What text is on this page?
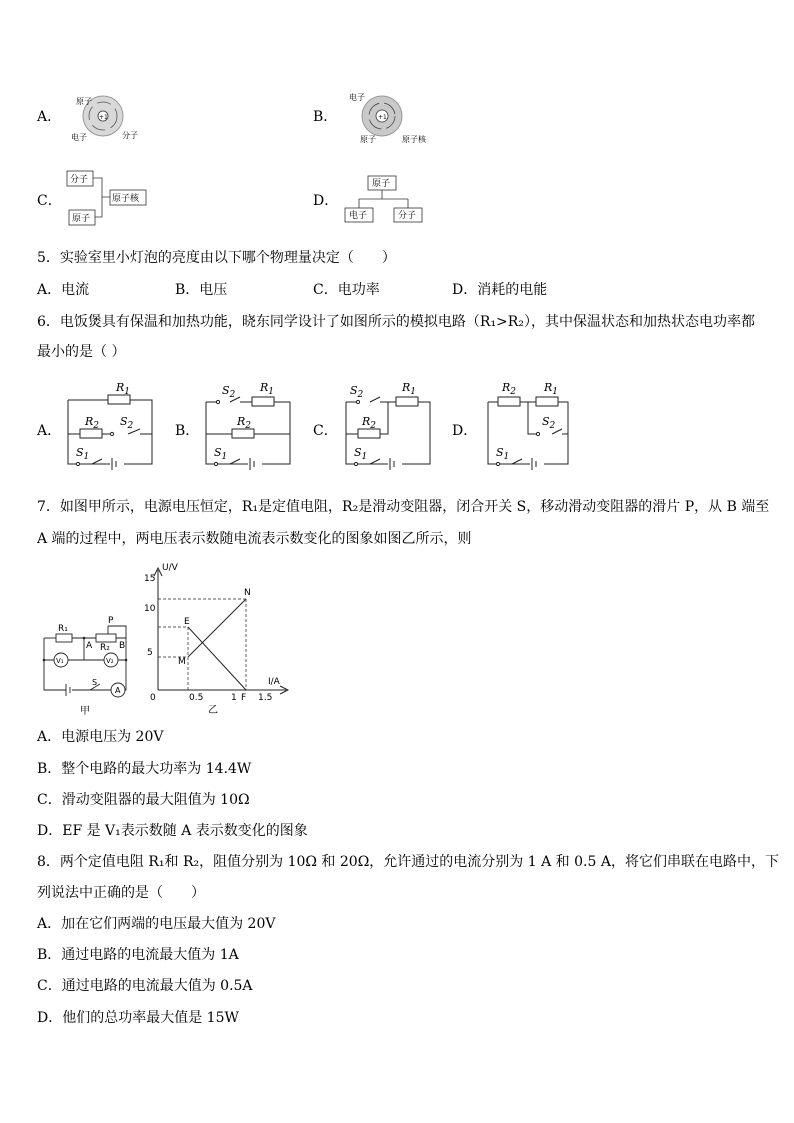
A．	+1
原子
电子	分子
B．	+1
电子
原子	原子核
C．
分子
原子核
原子
D．
原子
电子	分子
5．实验室里小灯泡的亮度由以下哪个物理量决定（　　）
A．电流	B．电压	C．电功率	D．消耗的电能
6．电饭煲具有保温和加热功能，晓东同学设计了如图所示的模拟电路（R₁>R₂），其中保温状态和加热状态电功率都
最小的是（ ）
A．
$R_1$
$R_2$ $S_2$
$S_1$
B．
$S_2$
$R_1$
$R_2$
$S_1$
C．
$S_2$
$R_1$
$R_2$
$S_1$
D．
$R_2$	$R_1$
$S_2$
$S_1$
7．如图甲所示，电源电压恒定，R₁是定值电阻，R₂是滑动变阻器，闭合开关 S，移动滑动变阻器的滑片 P，从 B 端至
A 端的过程中，两电压表示数随电流表示数变化的图象如图乙所示，则
R₁
P
R₂
A	B
V₁	V₂
S
A
甲
15
10
5
0	0.5	1 1.5
U/V
I/A
N
E
M
F
乙
A．电源电压为 20V
B．整个电路的最大功率为 14.4W
C．滑动变阻器的最大阻值为 10Ω
D．EF 是 V₁表示数随 A 表示数变化的图象
8．两个定值电阻 R₁和 R₂，阻值分别为 10Ω 和 20Ω，允许通过的电流分别为 1 A 和 0.5 A，将它们串联在电路中，下
列说法中正确的是（　　）
A．加在它们两端的电压最大值为 20V
B．通过电路的电流最大值为 1A
C．通过电路的电流最大值为 0.5A
D．他们的总功率最大值是 15W
